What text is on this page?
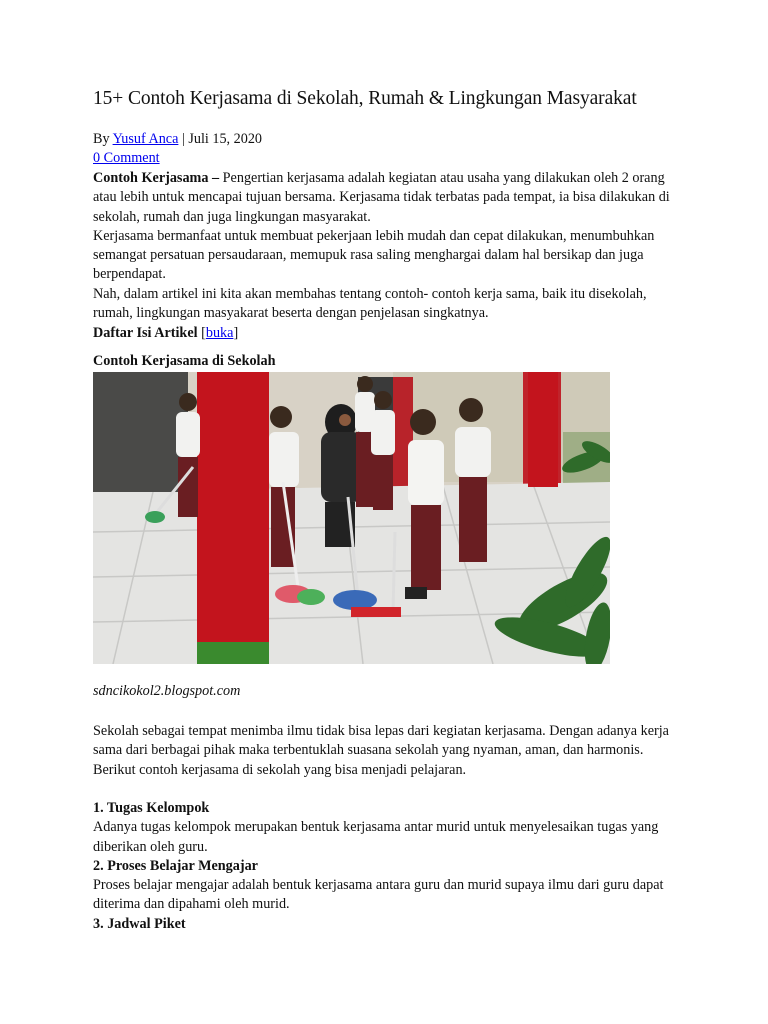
15+ Contoh Kerjasama di Sekolah, Rumah & Lingkungan Masyarakat

By Yusuf Anca | Juli 15, 2020

0 Comment

Contoh Kerjasama – Pengertian kerjasama adalah kegiatan atau usaha yang dilakukan oleh 2 orang atau lebih untuk mencapai tujuan bersama. Kerjasama tidak terbatas pada tempat, ia bisa dilakukan di sekolah, rumah dan juga lingkungan masyarakat.

Kerjasama bermanfaat untuk membuat pekerjaan lebih mudah dan cepat dilakukan, menumbuhkan semangat persatuan persaudaraan, memupuk rasa saling menghargai dalam hal bersikap dan juga berpendapat.

Nah, dalam artikel ini kita akan membahas tentang contoh- contoh kerja sama, baik itu disekolah, rumah, lingkungan masyakarat beserta dengan penjelasan singkatnya.

Daftar Isi Artikel [buka]

Contoh Kerjasama di Sekolah

sdncikokol2.blogspot.com

Sekolah sebagai tempat menimba ilmu tidak bisa lepas dari kegiatan kerjasama. Dengan adanya kerja sama dari berbagai pihak maka terbentuklah suasana sekolah yang nyaman, aman, dan harmonis. Berikut contoh kerjasama di sekolah yang bisa menjadi pelajaran.

1. Tugas Kelompok

Adanya tugas kelompok merupakan bentuk kerjasama antar murid untuk menyelesaikan tugas yang diberikan oleh guru.

2. Proses Belajar Mengajar

Proses belajar mengajar adalah bentuk kerjasama antara guru dan murid supaya ilmu dari guru dapat diterima dan dipahami oleh murid.

3. Jadwal Piket
